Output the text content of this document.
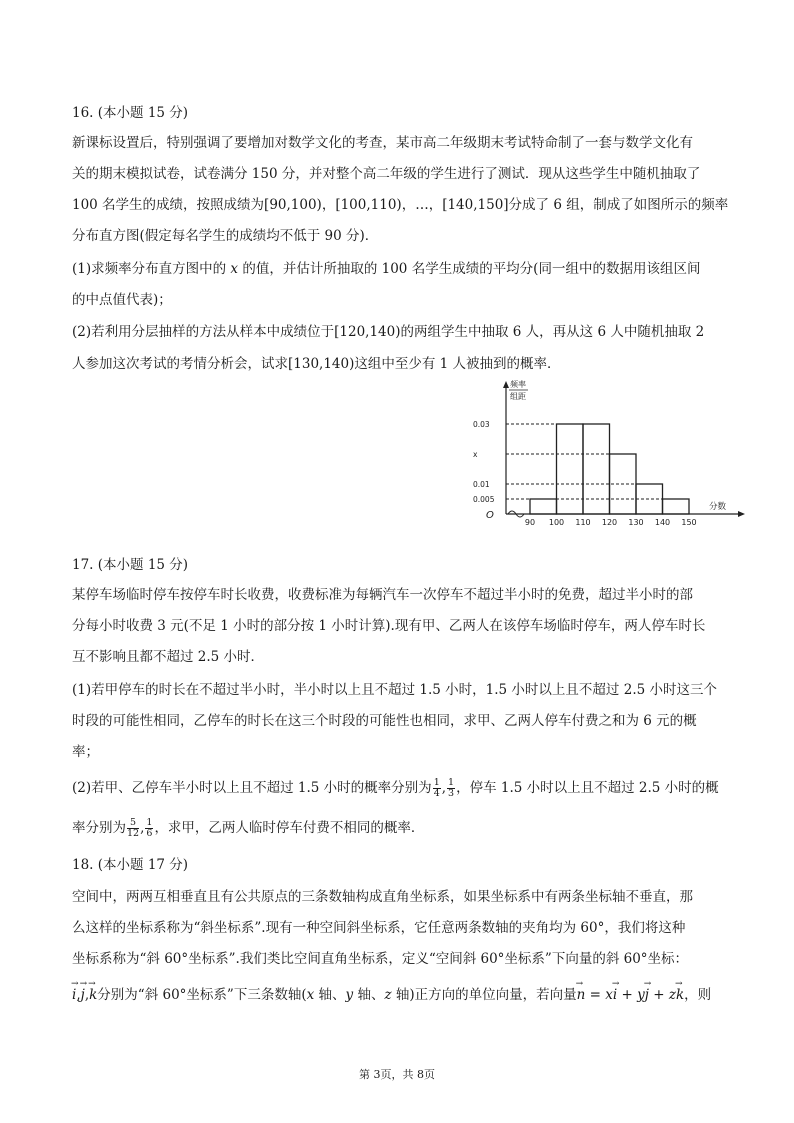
16. (本小题 15 分)
新课标设置后，特别强调了要增加对数学文化的考查，某市高二年级期末考试特命制了一套与数学文化有
关的期末模拟试卷，试卷满分 150 分，并对整个高二年级的学生进行了测试．现从这些学生中随机抽取了
100 名学生的成绩，按照成绩为[90,100)，[100,110)，…，[140,150]分成了 6 组，制成了如图所示的频率
分布直方图(假定每名学生的成绩均不低于 90 分)．
(1)求频率分布直方图中的 x 的值，并估计所抽取的 100 名学生成绩的平均分(同一组中的数据用该组区间
的中点值代表)；
(2)若利用分层抽样的方法从样本中成绩位于[120,140)的两组学生中抽取 6 人，再从这 6 人中随机抽取 2
人参加这次考试的考情分析会，试求[130,140)这组中至少有 1 人被抽到的概率．
频率
组距
分数
O
0.03
x
0.01
0.005
90 100 110 120 130 140 150
17. (本小题 15 分)
某停车场临时停车按停车时长收费，收费标准为每辆汽车一次停车不超过半小时的免费，超过半小时的部
分每小时收费 3 元(不足 1 小时的部分按 1 小时计算).现有甲、乙两人在该停车场临时停车，两人停车时长
互不影响且都不超过 2.5 小时．
(1)若甲停车的时长在不超过半小时，半小时以上且不超过 1.5 小时，1.5 小时以上且不超过 2.5 小时这三个
时段的可能性相同，乙停车的时长在这三个时段的可能性也相同，求甲、乙两人停车付费之和为 6 元的概
率；
(2)若甲、乙停车半小时以上且不超过 1.5 小时的概率分别为 $\frac{1}{4}$ , $\frac{1}{3}$ ，停车 1.5 小时以上且不超过 2.5 小时的概
率分别为 $\frac{5}{12}$ , $\frac{1}{6}$ ，求甲，乙两人临时停车付费不相同的概率．
18. (本小题 17 分)
空间中，两两互相垂直且有公共原点的三条数轴构成直角坐标系，如果坐标系中有两条坐标轴不垂直，那
么这样的坐标系称为“斜坐标系”.现有一种空间斜坐标系，它任意两条数轴的夹角均为 60°，我们将这种
坐标系称为“斜 60°坐标系”.我们类比空间直角坐标系，定义“空间斜 60°坐标系”下向量的斜 60°坐标：
→ i,→ j,→ k分别为“斜 60°坐标系”下三条数轴(x 轴、y 轴、z 轴)正方向的单位向量，若向量→ n = x→ i + y→ j + z→ k，则
第 3页，共 8页
